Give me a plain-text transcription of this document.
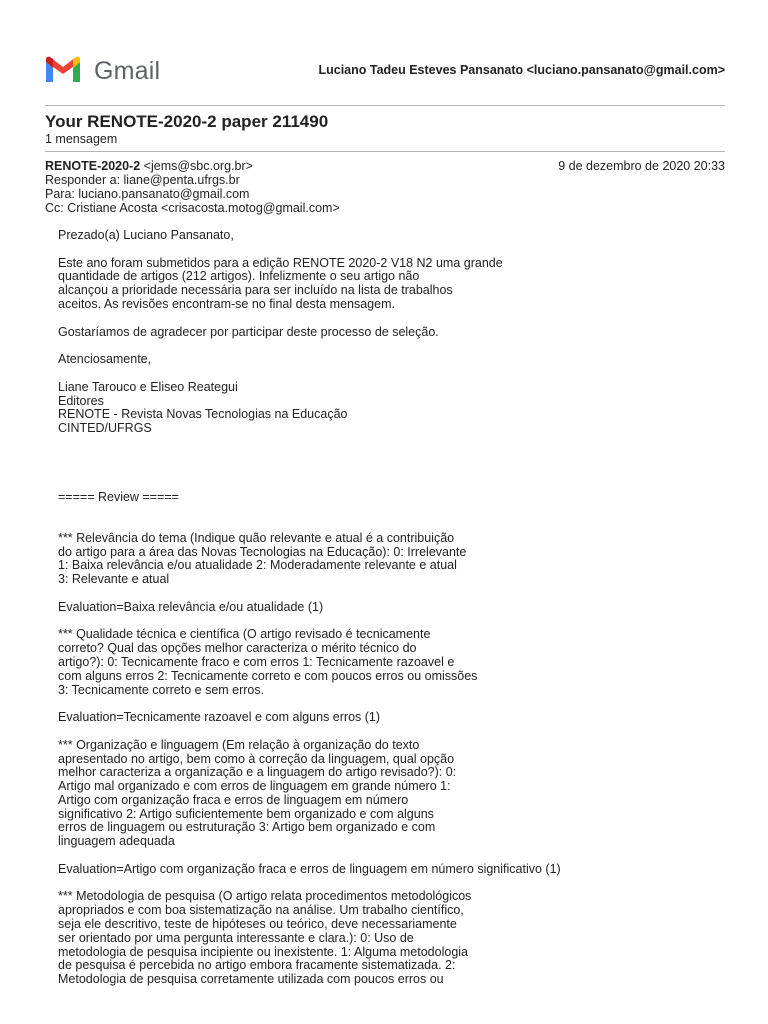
Gmail	Luciano Tadeu Esteves Pansanato <luciano.pansanato@gmail.com>
Your RENOTE-2020-2 paper 211490
1 mensagem
RENOTE-2020-2 <jems@sbc.org.br>	9 de dezembro de 2020 20:33
Responder a: liane@penta.ufrgs.br
Para: luciano.pansanato@gmail.com
Cc: Cristiane Acosta <crisacosta.motog@gmail.com>

Prezado(a) Luciano Pansanato,

Este ano foram submetidos para a edição RENOTE 2020-2 V18 N2 uma grande
quantidade de artigos (212 artigos). Infelizmente o seu artigo não
alcançou a prioridade necessária para ser incluído na lista de trabalhos
aceitos. As revisões encontram-se no final desta mensagem.

Gostaríamos de agradecer por participar deste processo de seleção.

Atenciosamente,

Liane Tarouco e Eliseo Reategui
Editores
RENOTE - Revista Novas Tecnologias na Educação
CINTED/UFRGS

===== Review =====

*** Relevância do tema (Indique quão relevante e atual é a contribuição
do artigo para a área das Novas Tecnologias na Educação): 0: Irrelevante
1: Baixa relevância e/ou atualidade 2: Moderadamente relevante e atual
3: Relevante e atual

Evaluation=Baixa relevância e/ou atualidade (1)

*** Qualidade técnica e científica (O artigo revisado é tecnicamente
correto? Qual das opções melhor caracteriza o mérito técnico do
artigo?): 0: Tecnicamente fraco e com erros 1: Tecnicamente razoavel e
com alguns erros 2: Tecnicamente correto e com poucos erros ou omissões
3: Tecnicamente correto e sem erros.

Evaluation=Tecnicamente razoavel e com alguns erros (1)

*** Organização e linguagem (Em relação à organização do texto
apresentado no artigo, bem como à correção da linguagem, qual opção
melhor caracteriza a organização e a linguagem do artigo revisado?): 0:
Artigo mal organizado e com erros de linguagem em grande número 1:
Artigo com organização fraca e erros de linguagem em número
significativo 2: Artigo suficientemente bem organizado e com alguns
erros de linguagem ou estruturação 3: Artigo bem organizado e com
linguagem adequada

Evaluation=Artigo com organização fraca e erros de linguagem em número significativo (1)

*** Metodologia de pesquisa (O artigo relata procedimentos metodológicos
apropriados e com boa sistematização na análise. Um trabalho científico,
seja ele descritivo, teste de hipóteses ou teórico, deve necessariamente
ser orientado por uma pergunta interessante e clara.): 0: Uso de
metodologia de pesquisa incipiente ou inexistente. 1: Alguma metodologia
de pesquisa é percebida no artigo embora fracamente sistematizada. 2:
Metodologia de pesquisa corretamente utilizada com poucos erros ou
